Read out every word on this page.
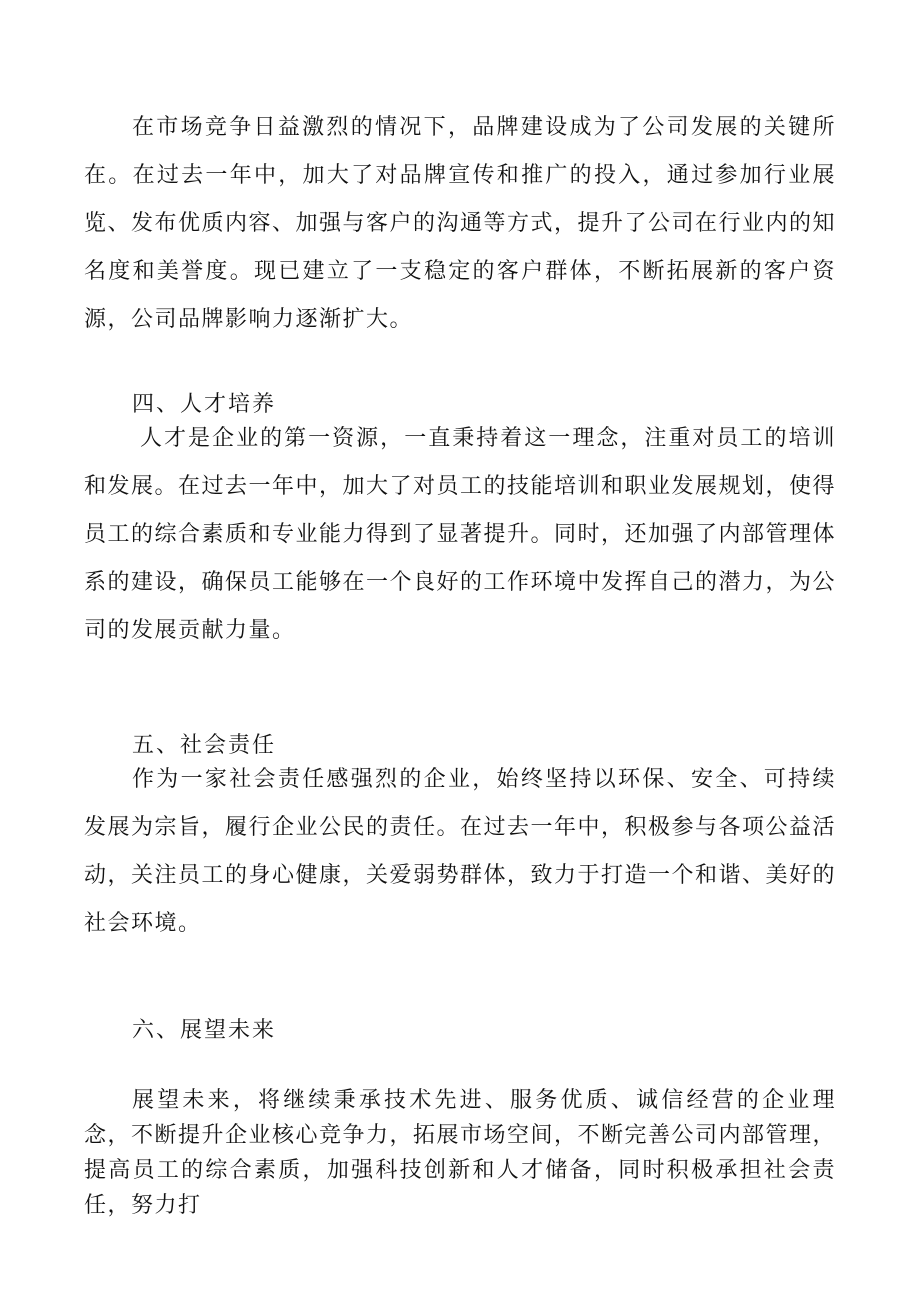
在市场竞争日益激烈的情况下，品牌建设成为了公司发展的关键所在。在过去一年中，加大了对品牌宣传和推广的投入，通过参加行业展览、发布优质内容、加强与客户的沟通等方式，提升了公司在行业内的知名度和美誉度。现已建立了一支稳定的客户群体，不断拓展新的客户资源，公司品牌影响力逐渐扩大。

四、人才培养

人才是企业的第一资源，一直秉持着这一理念，注重对员工的培训和发展。在过去一年中，加大了对员工的技能培训和职业发展规划，使得员工的综合素质和专业能力得到了显著提升。同时，还加强了内部管理体系的建设，确保员工能够在一个良好的工作环境中发挥自己的潜力，为公司的发展贡献力量。

五、社会责任

作为一家社会责任感强烈的企业，始终坚持以环保、安全、可持续发展为宗旨，履行企业公民的责任。在过去一年中，积极参与各项公益活动，关注员工的身心健康，关爱弱势群体，致力于打造一个和谐、美好的社会环境。

六、展望未来

展望未来，将继续秉承技术先进、服务优质、诚信经营的企业理念，不断提升企业核心竞争力，拓展市场空间，不断完善公司内部管理，提高员工的综合素质，加强科技创新和人才储备，同时积极承担社会责任，努力打
